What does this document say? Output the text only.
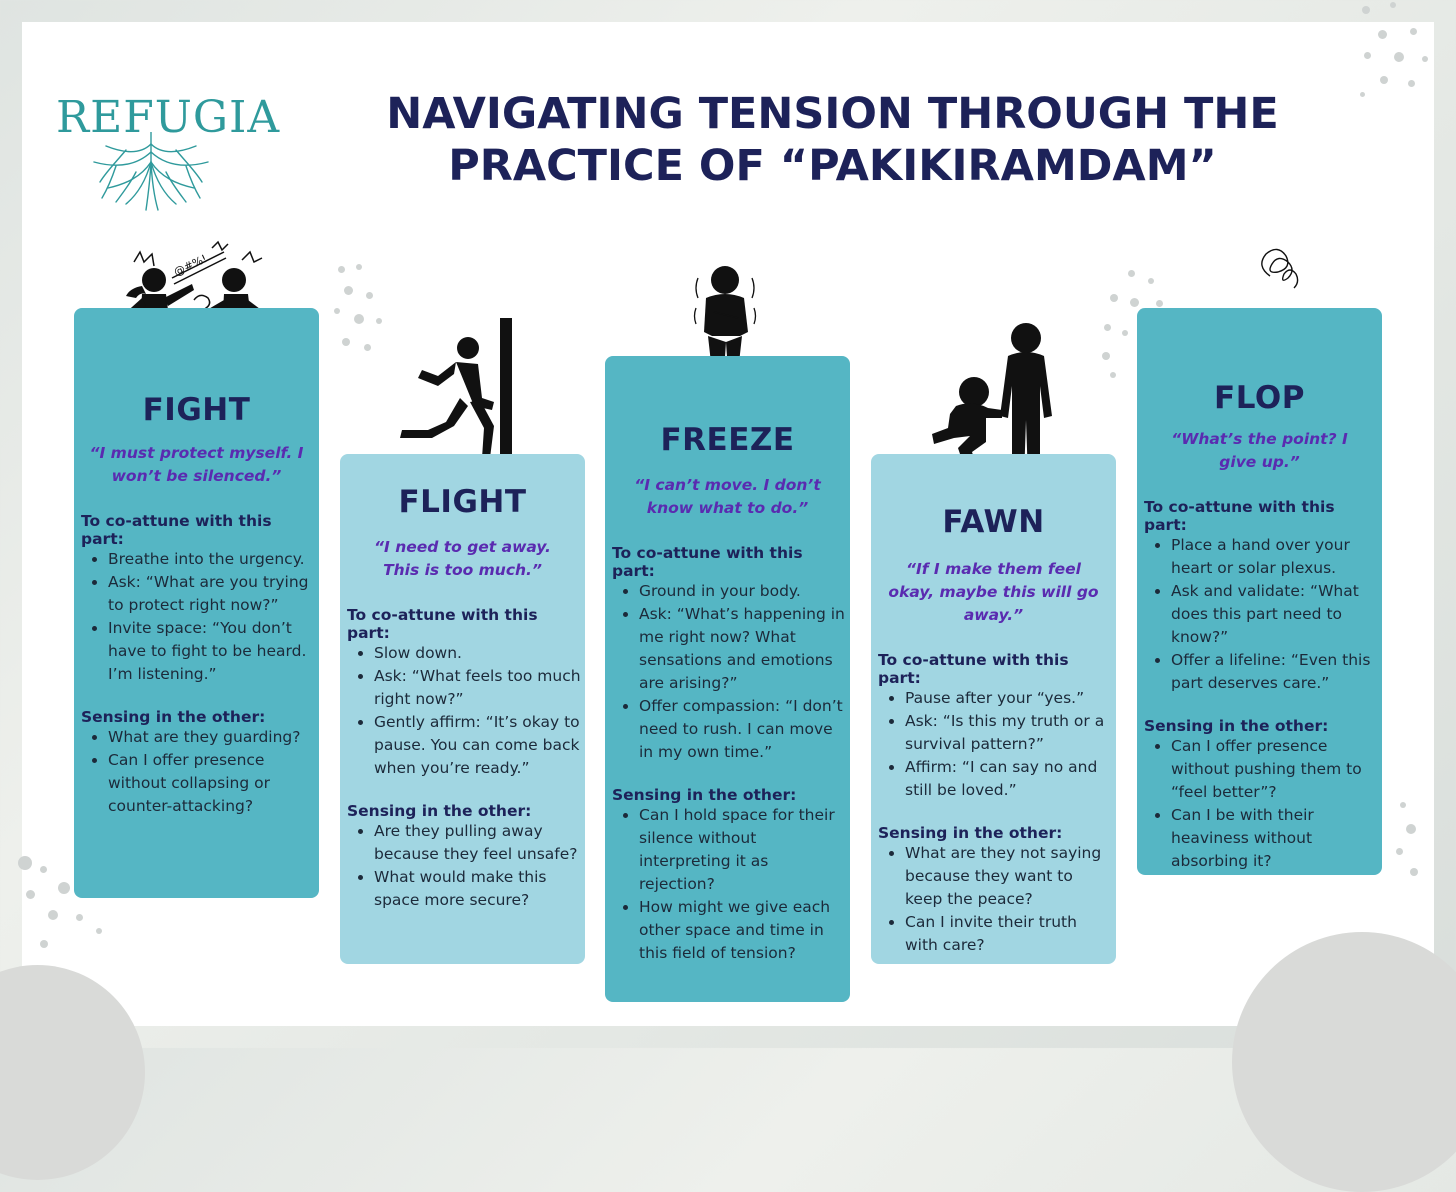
REFUGIA	NAVIGATING TENSION THROUGH THE
PRACTICE OF “PAKIKIRAMDAM”
@#%!
FIGHT
“I must protect myself. I won’t be silenced.”
To co-attune with this part:
• Breathe into the urgency.
• Ask: “What are you trying to protect right now?”
• Invite space: “You don’t have to fight to be heard. I’m listening.”
Sensing in the other:
• What are they guarding?
• Can I offer presence without collapsing or counter-attacking?
FLIGHT
“I need to get away. This is too much.”
To co-attune with this part:
• Slow down.
• Ask: “What feels too much right now?”
• Gently affirm: “It’s okay to pause. You can come back when you’re ready.”
Sensing in the other:
• Are they pulling away because they feel unsafe?
• What would make this space more secure?
FREEZE
“I can’t move. I don’t know what to do.”
To co-attune with this part:
• Ground in your body.
• Ask: “What’s happening in me right now? What sensations and emotions are arising?”
• Offer compassion: “I don’t need to rush. I can move in my own time.”
Sensing in the other:
• Can I hold space for their silence without interpreting it as rejection?
• How might we give each other space and time in this field of tension?
FAWN
“If I make them feel okay, maybe this will go away.”
To co-attune with this part:
• Pause after your “yes.”
• Ask: “Is this my truth or a survival pattern?”
• Affirm: “I can say no and still be loved.”
Sensing in the other:
• What are they not saying because they want to keep the peace?
• Can I invite their truth with care?
FLOP
“What’s the point? I give up.”
To co-attune with this part:
• Place a hand over your heart or solar plexus.
• Ask and validate: “What does this part need to know?”
• Offer a lifeline: “Even this part deserves care.”
Sensing in the other:
• Can I offer presence without pushing them to “feel better”?
• Can I be with their heaviness without absorbing it?
